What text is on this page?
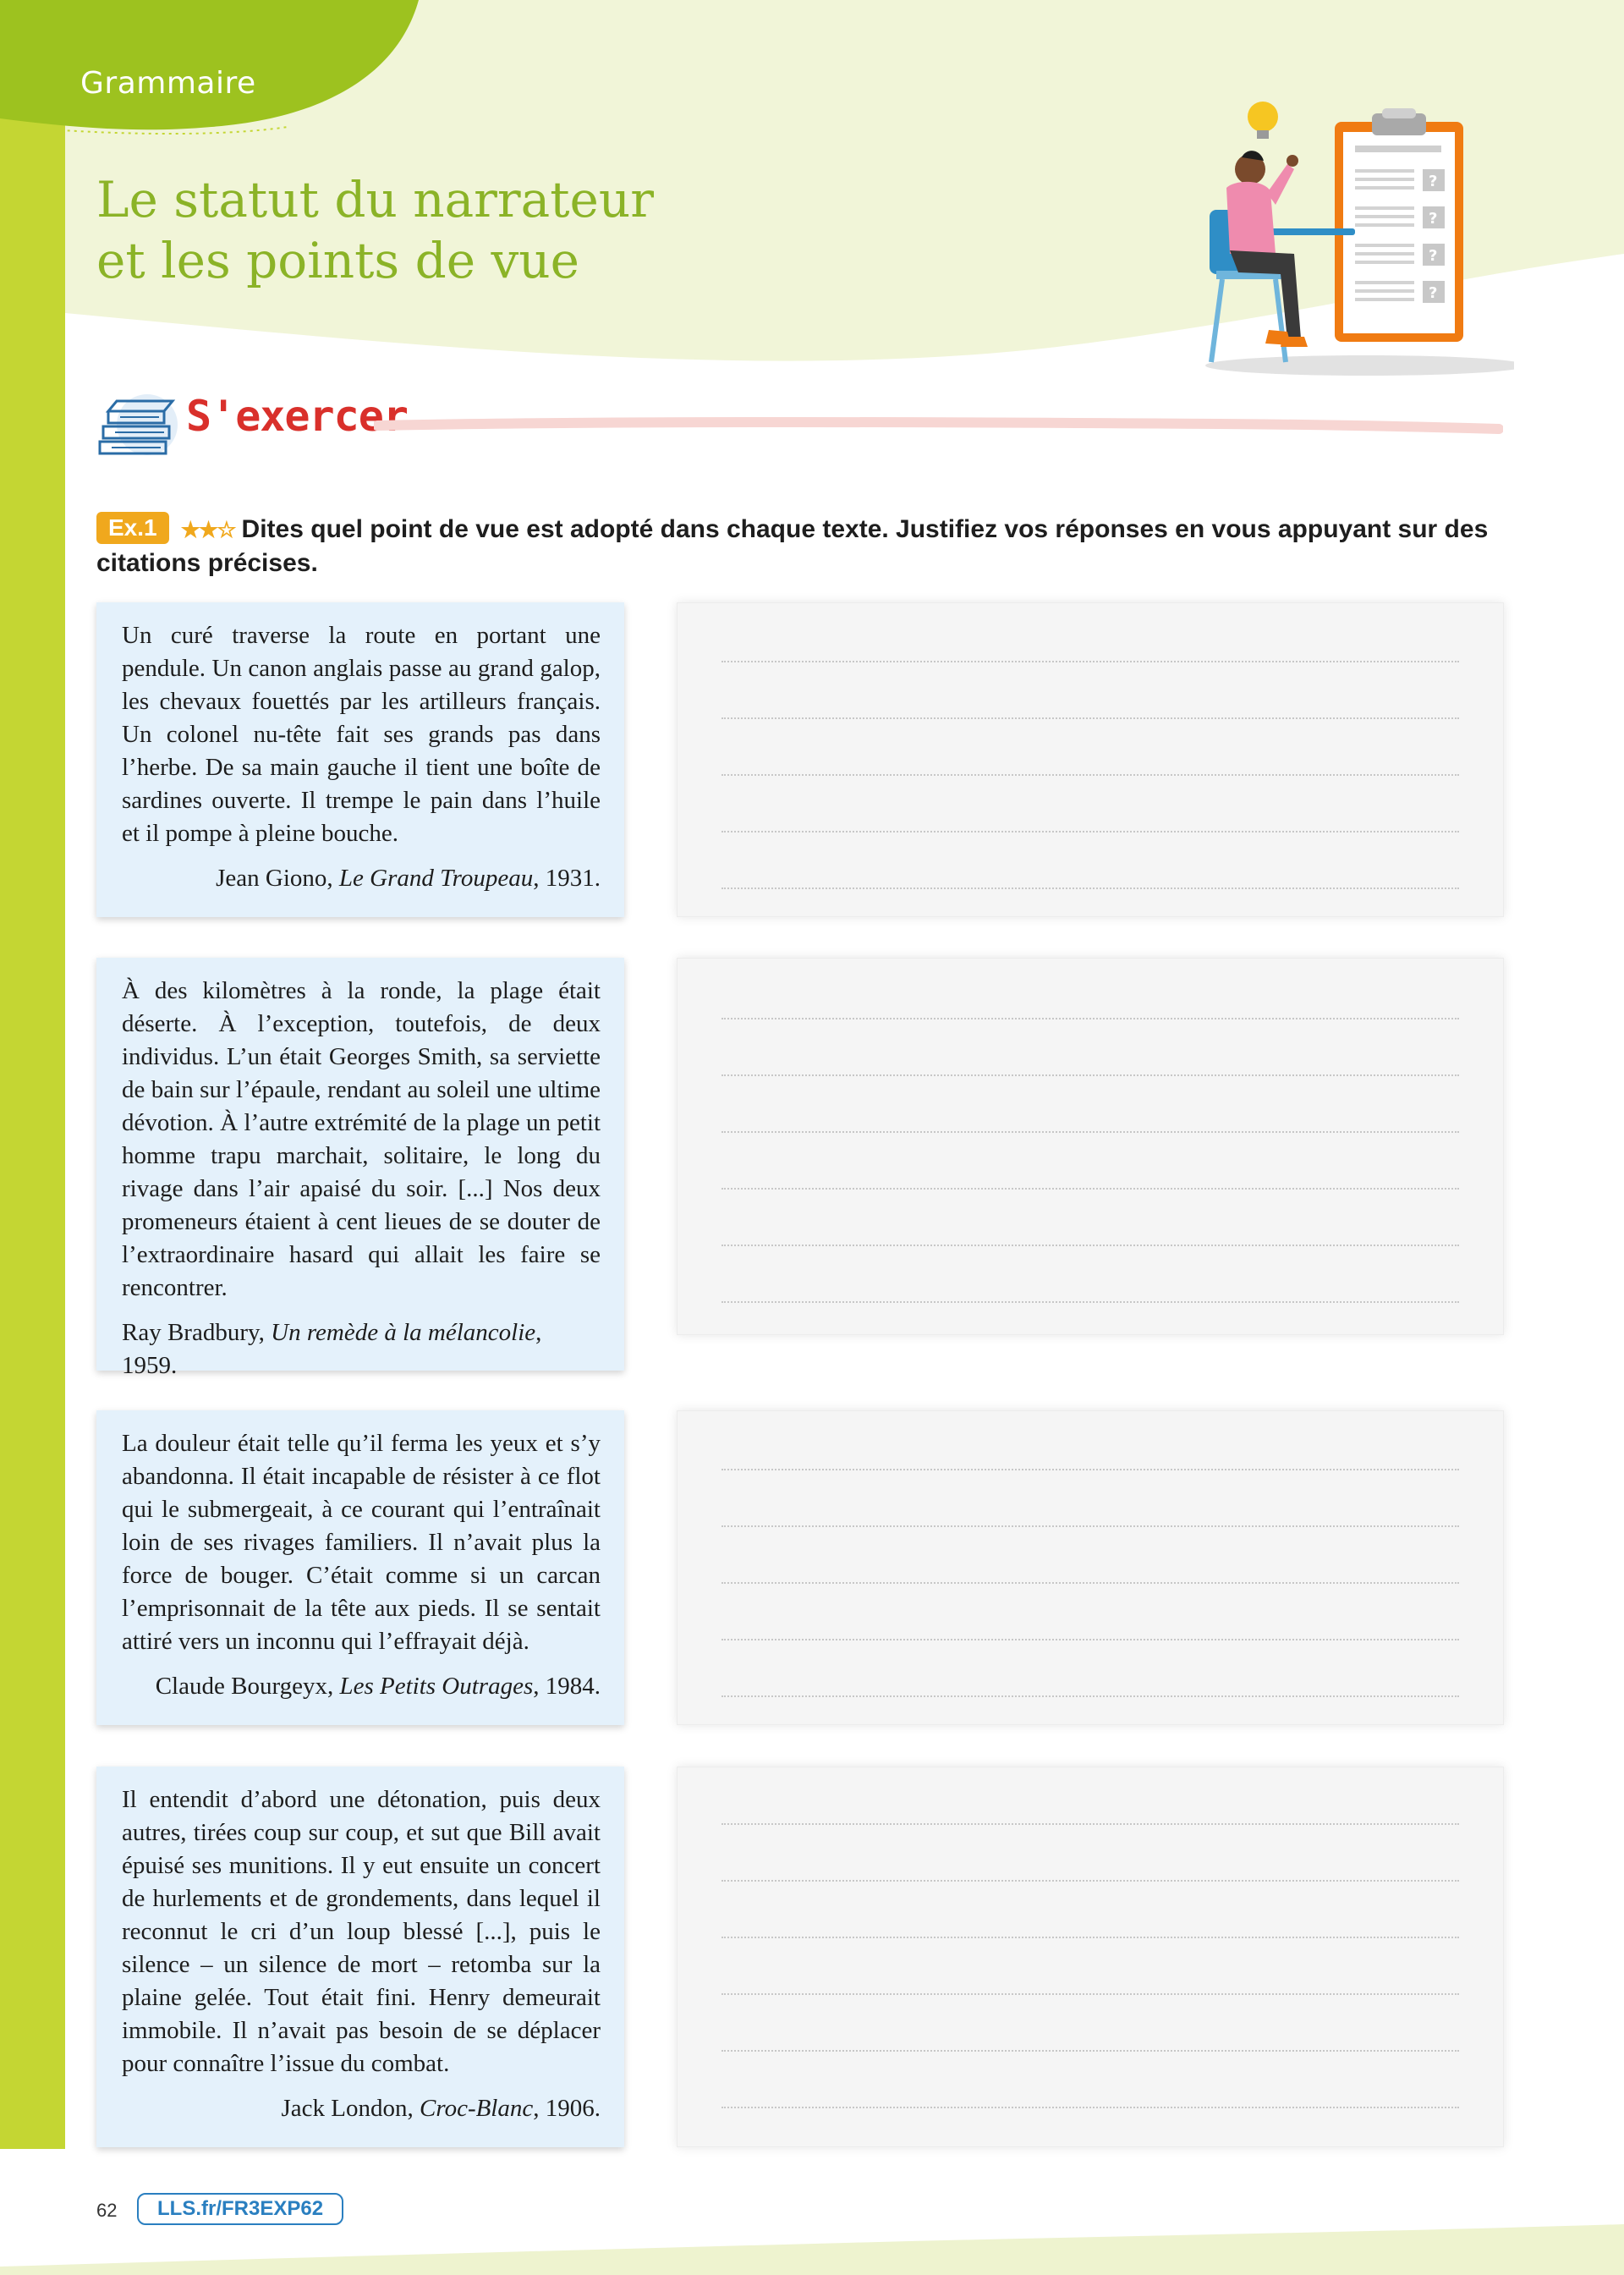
Grammaire
Le statut du narrateur
et les points de vue
?
?
?
?
S'exercer
Ex.1 ★★☆ Dites quel point de vue est adopté dans chaque texte. Justifiez vos réponses en vous appuyant sur des citations précises.

Un curé traverse la route en portant une pendule. Un canon anglais passe au grand galop, les chevaux fouettés par les artilleurs français. Un colonel nu-tête fait ses grands pas dans l’herbe. De sa main gauche il tient une boîte de sardines ouverte. Il trempe le pain dans l’huile et il pompe à pleine bouche.

Jean Giono, Le Grand Troupeau, 1931.

À des kilomètres à la ronde, la plage était déserte. À l’exception, toutefois, de deux individus. L’un était Georges Smith, sa serviette de bain sur l’épaule, rendant au soleil une ultime dévotion. À l’autre extrémité de la plage un petit homme trapu marchait, solitaire, le long du rivage dans l’air apaisé du soir. [...] Nos deux promeneurs étaient à cent lieues de se douter de l’extraordinaire hasard qui allait les faire se rencontrer.

Ray Bradbury, Un remède à la mélancolie, 1959.

La douleur était telle qu’il ferma les yeux et s’y abandonna. Il était incapable de résister à ce flot qui le submergeait, à ce courant qui l’entraînait loin de ses rivages familiers. Il n’avait plus la force de bouger. C’était comme si un carcan l’emprisonnait de la tête aux pieds. Il se sentait attiré vers un inconnu qui l’effrayait déjà.

Claude Bourgeyx, Les Petits Outrages, 1984.

Il entendit d’abord une détonation, puis deux autres, tirées coup sur coup, et sut que Bill avait épuisé ses munitions. Il y eut ensuite un concert de hurlements et de grondements, dans lequel il reconnut le cri d’un loup blessé [...], puis le silence – un silence de mort – retomba sur la plaine gelée. Tout était fini. Henry demeurait immobile. Il n’avait pas besoin de se déplacer pour connaître l’issue du combat.

Jack London, Croc-Blanc, 1906.

62	LLS.fr/FR3EXP62
